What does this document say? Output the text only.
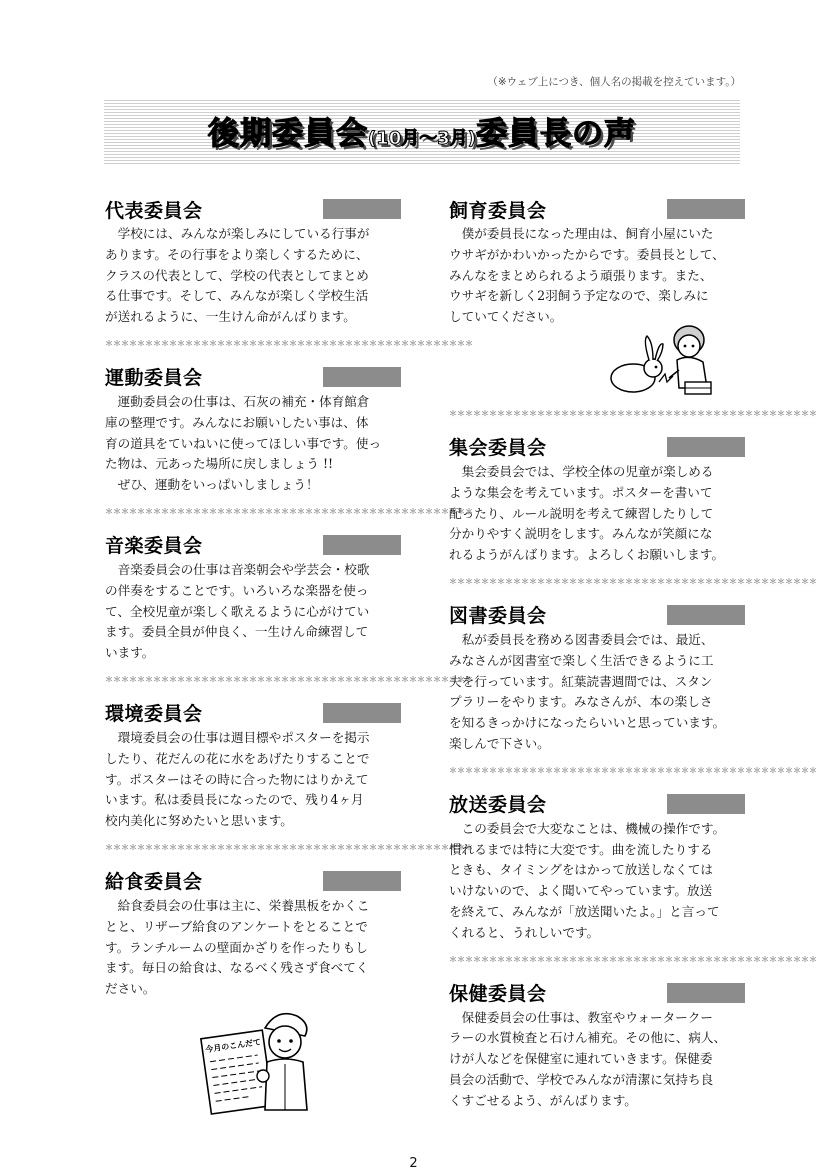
（※ウェブ上につき、個人名の掲載を控えています。）
後期委員会(10月～3月)委員長の声
代表委員会

　学校には、みんなが楽しみにしている行事が

あります。その行事をより楽しくするために、

クラスの代表として、学校の代表としてまとめ

る仕事です。そして、みんなが楽しく学校生活

が送れるように、一生けん命がんばります。

＊＊＊＊＊＊＊＊＊＊＊＊＊＊＊＊＊＊＊＊＊＊＊＊＊＊＊＊＊＊＊＊＊＊＊＊＊＊＊＊＊＊＊＊＊＊
運動委員会

　運動委員会の仕事は、石灰の補充・体育館倉

庫の整理です。みんなにお願いしたい事は、体

育の道具をていねいに使ってほしい事です。使っ

た物は、元あった場所に戻しましょう !!

　ぜひ、運動をいっぱいしましょう！

＊＊＊＊＊＊＊＊＊＊＊＊＊＊＊＊＊＊＊＊＊＊＊＊＊＊＊＊＊＊＊＊＊＊＊＊＊＊＊＊＊＊＊＊＊＊
音楽委員会

　音楽委員会の仕事は音楽朝会や学芸会・校歌

の伴奏をすることです。いろいろな楽器を使っ

て、全校児童が楽しく歌えるように心がけてい

ます。委員全員が仲良く、一生けん命練習して

います。

＊＊＊＊＊＊＊＊＊＊＊＊＊＊＊＊＊＊＊＊＊＊＊＊＊＊＊＊＊＊＊＊＊＊＊＊＊＊＊＊＊＊＊＊＊＊
環境委員会

　環境委員会の仕事は週目標やポスターを掲示

したり、花だんの花に水をあげたりすることで

す。ポスターはその時に合った物にはりかえて

います。私は委員長になったので、残り4ヶ月

校内美化に努めたいと思います。

＊＊＊＊＊＊＊＊＊＊＊＊＊＊＊＊＊＊＊＊＊＊＊＊＊＊＊＊＊＊＊＊＊＊＊＊＊＊＊＊＊＊＊＊＊＊
給食委員会

　給食委員会の仕事は主に、栄養黒板をかくこ

とと、リザーブ給食のアンケートをとることで

す。ランチルームの壁面かざりを作ったりもし

ます。毎日の給食は、なるべく残さず食べてく

ださい。

今月のこんだて
飼育委員会

　僕が委員長になった理由は、飼育小屋にいた

ウサギがかわいかったからです。委員長として、

みんなをまとめられるよう頑張ります。また、

ウサギを新しく2羽飼う予定なので、楽しみに

していてください。

＊＊＊＊＊＊＊＊＊＊＊＊＊＊＊＊＊＊＊＊＊＊＊＊＊＊＊＊＊＊＊＊＊＊＊＊＊＊＊＊＊＊＊＊＊＊
集会委員会

　集会委員会では、学校全体の児童が楽しめる

ような集会を考えています。ポスターを書いて

配ったり、ルール説明を考えて練習したりして

分かりやすく説明をします。みんなが笑顔にな

れるようがんばります。よろしくお願いします。

＊＊＊＊＊＊＊＊＊＊＊＊＊＊＊＊＊＊＊＊＊＊＊＊＊＊＊＊＊＊＊＊＊＊＊＊＊＊＊＊＊＊＊＊＊＊
図書委員会

　私が委員長を務める図書委員会では、最近、

みなさんが図書室で楽しく生活できるように工

夫を行っています。紅葉読書週間では、スタン

プラリーをやります。みなさんが、本の楽しさ

を知るきっかけになったらいいと思っています。

楽しんで下さい。

＊＊＊＊＊＊＊＊＊＊＊＊＊＊＊＊＊＊＊＊＊＊＊＊＊＊＊＊＊＊＊＊＊＊＊＊＊＊＊＊＊＊＊＊＊＊
放送委員会

　この委員会で大変なことは、機械の操作です。

慣れるまでは特に大変です。曲を流したりする

ときも、タイミングをはかって放送しなくては

いけないので、よく聞いてやっています。放送

を終えて、みんなが「放送聞いたよ。」と言って

くれると、うれしいです。

＊＊＊＊＊＊＊＊＊＊＊＊＊＊＊＊＊＊＊＊＊＊＊＊＊＊＊＊＊＊＊＊＊＊＊＊＊＊＊＊＊＊＊＊＊＊
保健委員会

　保健委員会の仕事は、教室やウォータークー

ラーの水質検査と石けん補充。その他に、病人、

けが人などを保健室に連れていきます。保健委

員会の活動で、学校でみんなが清潔に気持ち良

くすごせるよう、がんばります。

2
